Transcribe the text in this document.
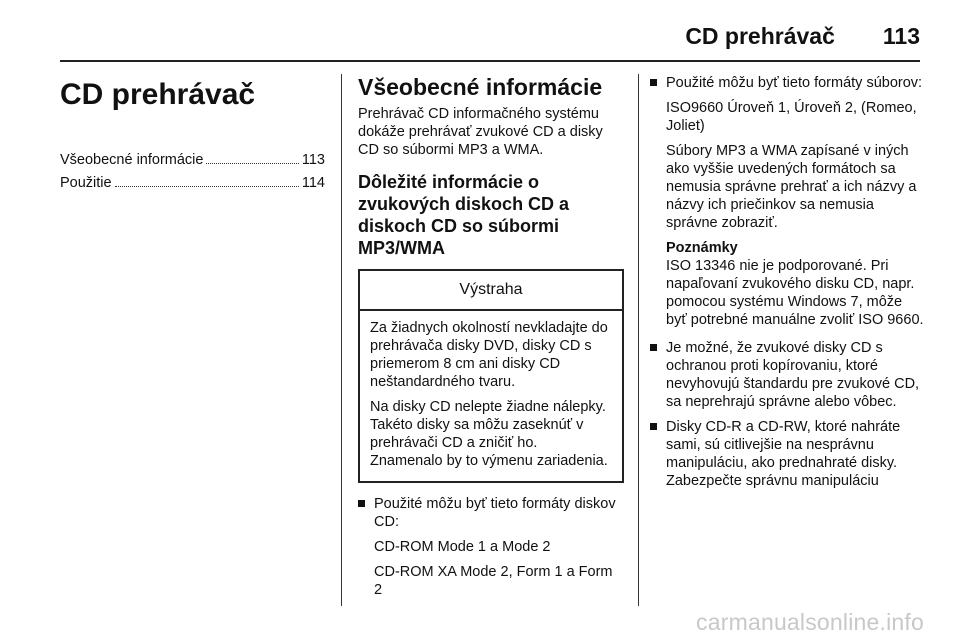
CD prehrávač 113
CD prehrávač
Všeobecné informácie	113
Použitie	114
Všeobecné informácie

Prehrávač CD informačného systému dokáže prehrávať zvukové CD a disky CD so súbormi MP3 a WMA.

Dôležité informácie o zvukových diskoch CD a diskoch CD so súbormi MP3/WMA
Výstraha

Za žiadnych okolností nevkladajte do prehrávača disky DVD, disky CD s priemerom 8 cm ani disky CD neštandardného tvaru.

Na disky CD nelepte žiadne nálepky. Takéto disky sa môžu zaseknúť v prehrávači CD a zničiť ho. Znamenalo by to výmenu zariadenia.

Použité môžu byť tieto formáty diskov CD:

CD-ROM Mode 1 a Mode 2

CD-ROM XA Mode 2, Form 1 a Form 2

Použité môžu byť tieto formáty súborov:

ISO9660 Úroveň 1, Úroveň 2, (Romeo, Joliet)

Súbory MP3 a WMA zapísané v iných ako vyššie uvedených formátoch sa nemusia správne prehrať a ich názvy a názvy ich priečinkov sa nemusia správne zobraziť.

Poznámky

ISO 13346 nie je podporované. Pri napaľovaní zvukového disku CD, napr. pomocou systému Windows 7, môže byť potrebné manuálne zvoliť ISO 9660.

Je možné, že zvukové disky CD s ochranou proti kopírovaniu, ktoré nevyhovujú štandardu pre zvukové CD, sa neprehrajú správne alebo vôbec.

Disky CD-R a CD-RW, ktoré nahráte sami, sú citlivejšie na nesprávnu manipuláciu, ako prednahraté disky. Zabezpečte správnu manipuláciu

carmanualsonline.info
